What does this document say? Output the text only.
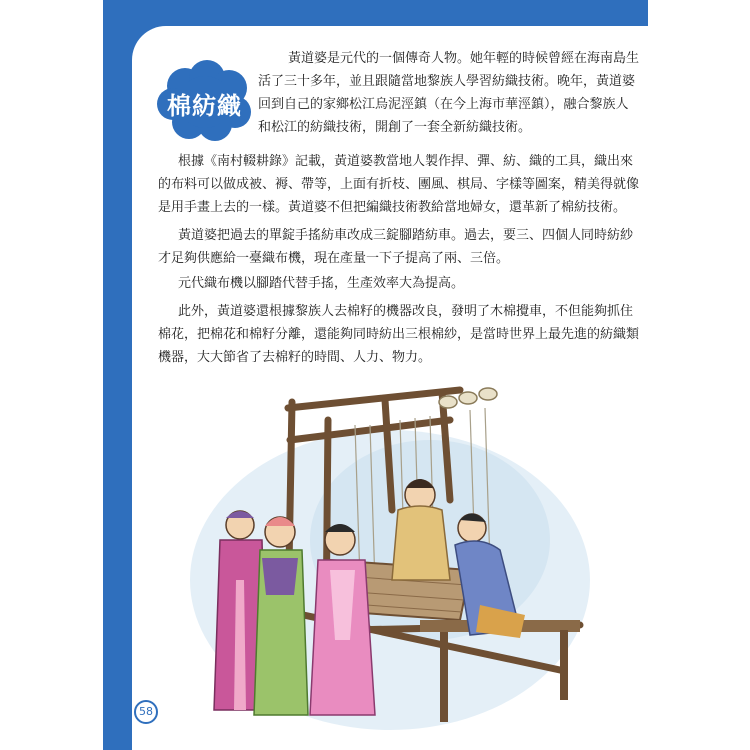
棉紡織
黃道婆是元代的一個傳奇人物。她年輕的時候曾經在海南島生
活了三十多年，並且跟隨當地黎族人學習紡織技術。晚年，黃道婆
回到自己的家鄉松江烏泥涇鎮（在今上海市華涇鎮），融合黎族人
和松江的紡織技術，開創了一套全新紡織技術。
根據《南村輟耕錄》記載，黃道婆教當地人製作捍、彈、紡、織的工具，織出來
的布料可以做成被、褥、帶等，上面有折枝、團風、棋局、字樣等圖案，精美得就像
是用手畫上去的一樣。黃道婆不但把編織技術教給當地婦女，還革新了棉紡技術。
黃道婆把過去的單錠手搖紡車改成三錠腳踏紡車。過去，要三、四個人同時紡紗
才足夠供應給一臺織布機，現在產量一下子提高了兩、三倍。
元代織布機以腳踏代替手搖，生產效率大為提高。
此外，黃道婆還根據黎族人去棉籽的機器改良，發明了木棉攪車，不但能夠抓住
棉花，把棉花和棉籽分離，還能夠同時紡出三根棉紗，是當時世界上最先進的紡織類
機器，大大節省了去棉籽的時間、人力、物力。
58
